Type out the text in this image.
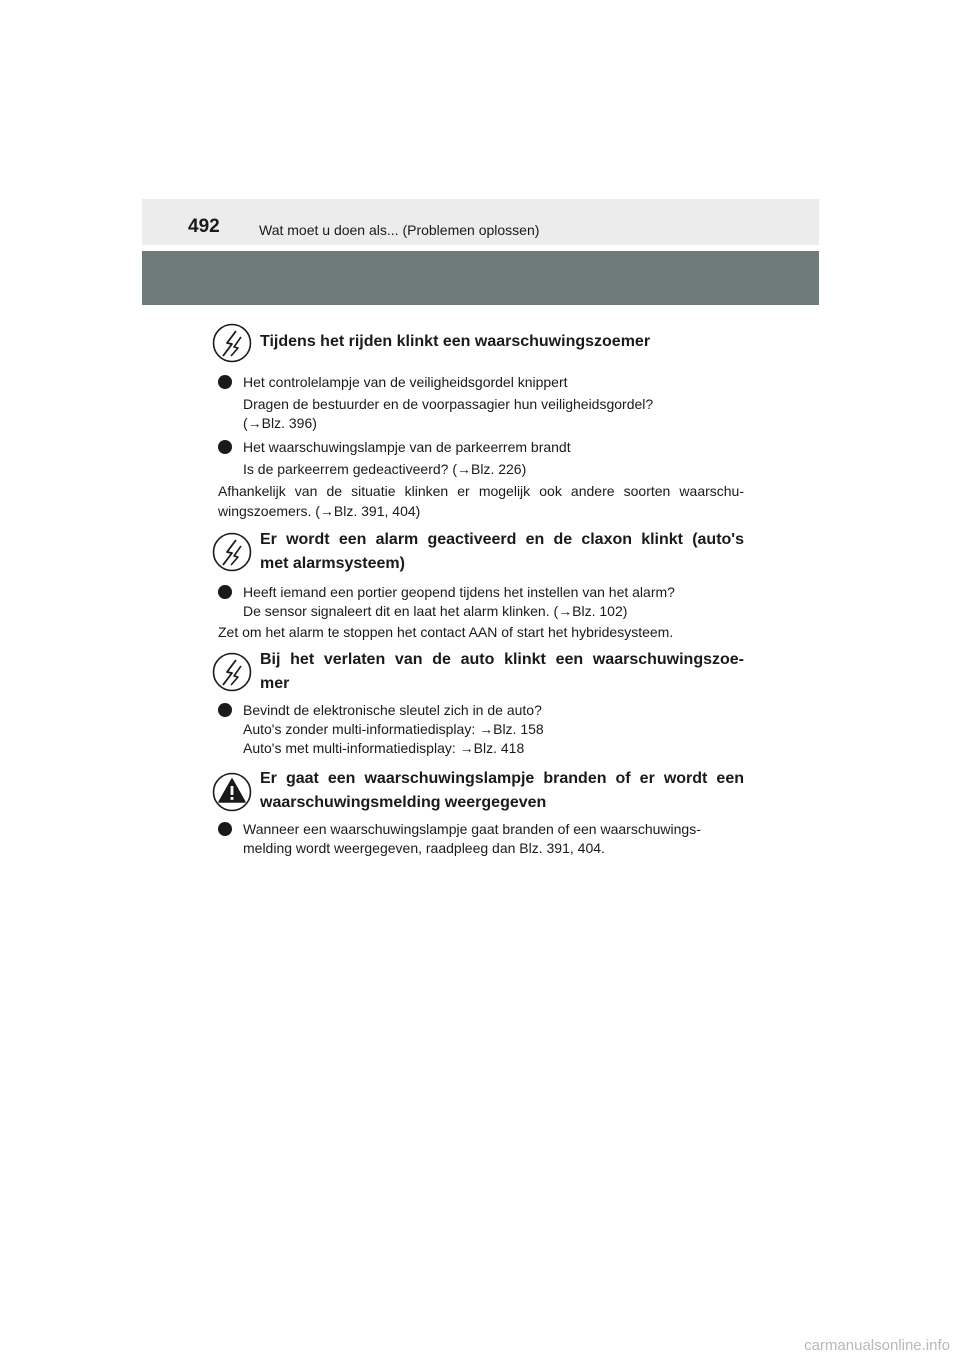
492	Wat moet u doen als... (Problemen oplossen)
Tijdens het rijden klinkt een waarschuwingszoemer
Het controlelampje van de veiligheidsgordel knippert
Dragen de bestuurder en de voorpassagier hun veiligheidsgordel?
(→Blz. 396)
Het waarschuwingslampje van de parkeerrem brandt
Is de parkeerrem gedeactiveerd? (→Blz. 226)
Afhankelijk van de situatie klinken er mogelijk ook andere soorten waarschu-wingszoemers. (→Blz. 391, 404)
Er wordt een alarm geactiveerd en de claxon klinkt (auto's
met alarmsysteem)
Heeft iemand een portier geopend tijdens het instellen van het alarm?
De sensor signaleert dit en laat het alarm klinken. (→Blz. 102)
Zet om het alarm te stoppen het contact AAN of start het hybridesysteem.
Bij het verlaten van de auto klinkt een waarschuwingszoe-
mer
Bevindt de elektronische sleutel zich in de auto?
Auto's zonder multi-informatiedisplay: →Blz. 158
Auto's met multi-informatiedisplay: →Blz. 418
Er gaat een waarschuwingslampje branden of er wordt een
waarschuwingsmelding weergegeven
Wanneer een waarschuwingslampje gaat branden of een waarschuwings-
melding wordt weergegeven, raadpleeg dan Blz. 391, 404.
carmanualsonline.info
